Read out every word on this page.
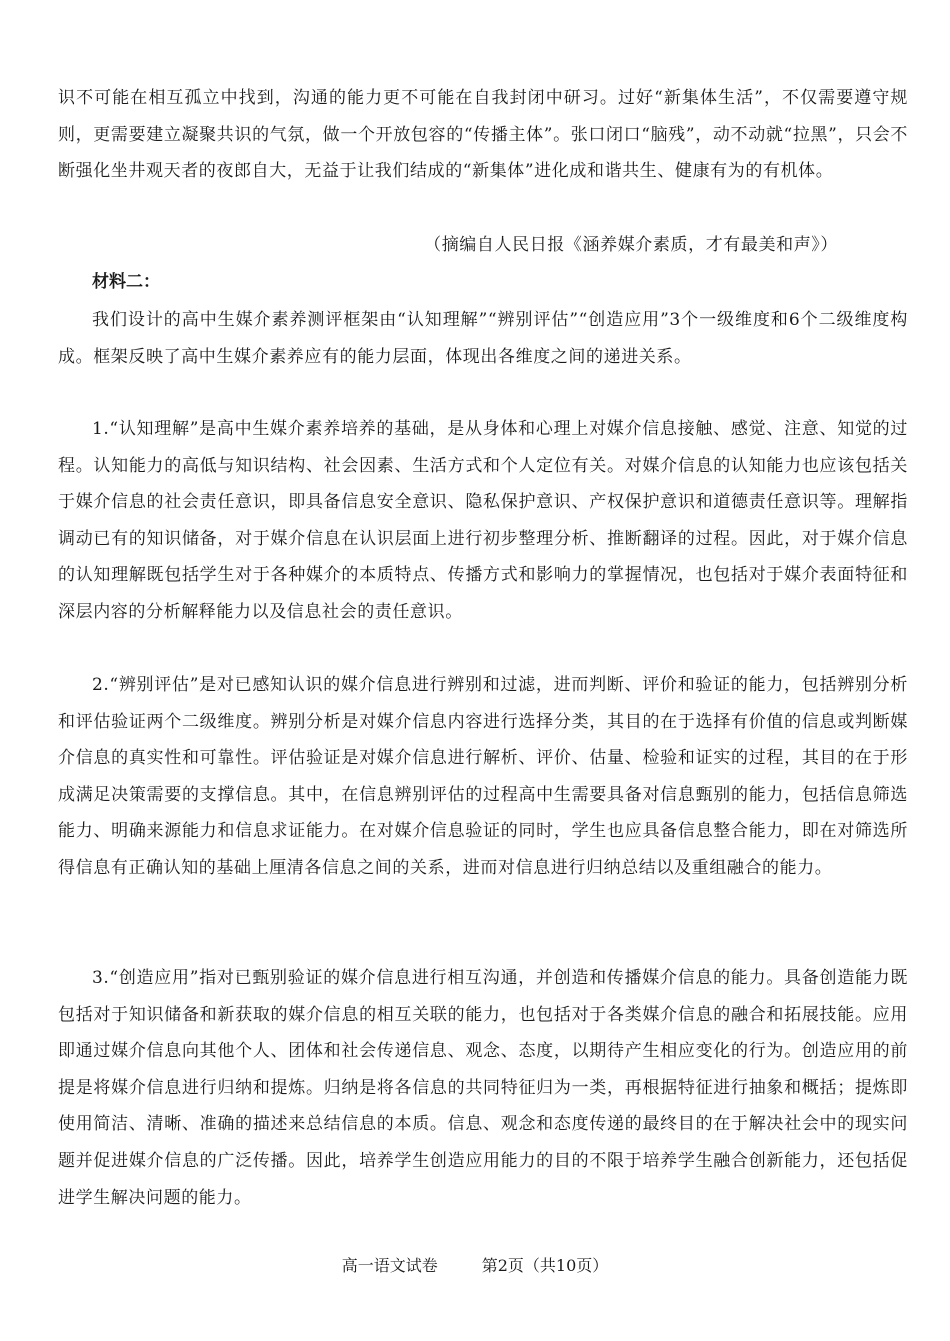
识不可能在相互孤立中找到，沟通的能力更不可能在自我封闭中研习。过好“新集体生活”，不仅需要遵守规则，更需要建立凝聚共识的气氛，做一个开放包容的“传播主体”。张口闭口“脑残”，动不动就“拉黑”，只会不断强化坐井观天者的夜郎自大，无益于让我们结成的“新集体”进化成和谐共生、健康有为的有机体。

（摘编自人民日报《涵养媒介素质，才有最美和声》）

材料二：

我们设计的高中生媒介素养测评框架由“认知理解”“辨别评估”“创造应用”3个一级维度和6个二级维度构成。框架反映了高中生媒介素养应有的能力层面，体现出各维度之间的递进关系。

1.“认知理解”是高中生媒介素养培养的基础，是从身体和心理上对媒介信息接触、感觉、注意、知觉的过程。认知能力的高低与知识结构、社会因素、生活方式和个人定位有关。对媒介信息的认知能力也应该包括关于媒介信息的社会责任意识，即具备信息安全意识、隐私保护意识、产权保护意识和道德责任意识等。理解指调动已有的知识储备，对于媒介信息在认识层面上进行初步整理分析、推断翻译的过程。因此，对于媒介信息的认知理解既包括学生对于各种媒介的本质特点、传播方式和影响力的掌握情况，也包括对于媒介表面特征和深层内容的分析解释能力以及信息社会的责任意识。

2.“辨别评估”是对已感知认识的媒介信息进行辨别和过滤，进而判断、评价和验证的能力，包括辨别分析和评估验证两个二级维度。辨别分析是对媒介信息内容进行选择分类，其目的在于选择有价值的信息或判断媒介信息的真实性和可靠性。评估验证是对媒介信息进行解析、评价、估量、检验和证实的过程，其目的在于形成满足决策需要的支撑信息。其中，在信息辨别评估的过程高中生需要具备对信息甄别的能力，包括信息筛选能力、明确来源能力和信息求证能力。在对媒介信息验证的同时，学生也应具备信息整合能力，即在对筛选所得信息有正确认知的基础上厘清各信息之间的关系，进而对信息进行归纳总结以及重组融合的能力。

3.“创造应用”指对已甄别验证的媒介信息进行相互沟通，并创造和传播媒介信息的能力。具备创造能力既包括对于知识储备和新获取的媒介信息的相互关联的能力，也包括对于各类媒介信息的融合和拓展技能。应用即通过媒介信息向其他个人、团体和社会传递信息、观念、态度，以期待产生相应变化的行为。创造应用的前提是将媒介信息进行归纳和提炼。归纳是将各信息的共同特征归为一类，再根据特征进行抽象和概括；提炼即使用简洁、清晰、准确的描述来总结信息的本质。信息、观念和态度传递的最终目的在于解决社会中的现实问题并促进媒介信息的广泛传播。因此，培养学生创造应用能力的目的不限于培养学生融合创新能力，还包括促进学生解决问题的能力。

高一语文试卷	第2页（共10页）
